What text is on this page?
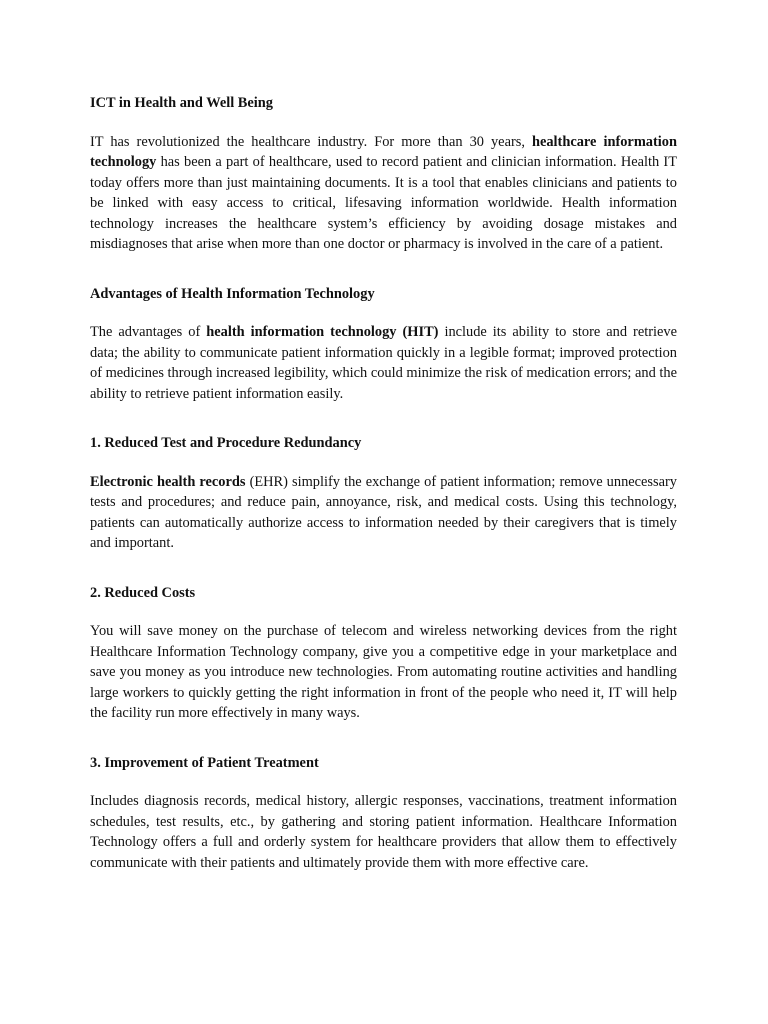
ICT in Health and Well Being

IT has revolutionized the healthcare industry. For more than 30 years, healthcare information technology has been a part of healthcare, used to record patient and clinician information. Health IT today offers more than just maintaining documents. It is a tool that enables clinicians and patients to be linked with easy access to critical, lifesaving information worldwide. Health information technology increases the healthcare system’s efficiency by avoiding dosage mistakes and misdiagnoses that arise when more than one doctor or pharmacy is involved in the care of a patient.

Advantages of Health Information Technology

The advantages of health information technology (HIT) include its ability to store and retrieve data; the ability to communicate patient information quickly in a legible format; improved protection of medicines through increased legibility, which could minimize the risk of medication errors; and the ability to retrieve patient information easily.

1. Reduced Test and Procedure Redundancy

Electronic health records (EHR) simplify the exchange of patient information; remove unnecessary tests and procedures; and reduce pain, annoyance, risk, and medical costs. Using this technology, patients can automatically authorize access to information needed by their caregivers that is timely and important.

2. Reduced Costs

You will save money on the purchase of telecom and wireless networking devices from the right Healthcare Information Technology company, give you a competitive edge in your marketplace and save you money as you introduce new technologies. From automating routine activities and handling large workers to quickly getting the right information in front of the people who need it, IT will help the facility run more effectively in many ways.

3. Improvement of Patient Treatment

Includes diagnosis records, medical history, allergic responses, vaccinations, treatment information schedules, test results, etc., by gathering and storing patient information. Healthcare Information Technology offers a full and orderly system for healthcare providers that allow them to effectively communicate with their patients and ultimately provide them with more effective care.
